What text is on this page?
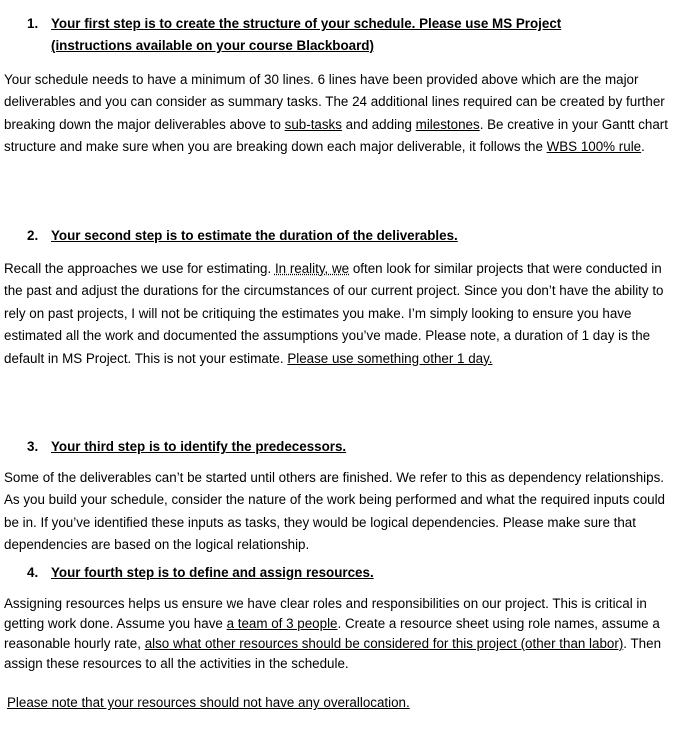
1. Your first step is to create the structure of your schedule. Please use MS Project
(instructions available on your course Blackboard)
Your schedule needs to have a minimum of 30 lines. 6 lines have been provided above which are the major deliverables and you can consider as summary tasks. The 24 additional lines required can be created by further breaking down the major deliverables above to sub-tasks and adding milestones. Be creative in your Gantt chart structure and make sure when you are breaking down each major deliverable, it follows the WBS 100% rule.
2. Your second step is to estimate the duration of the deliverables.
Recall the approaches we use for estimating. In reality, we often look for similar projects that were conducted in the past and adjust the durations for the circumstances of our current project. Since you don’t have the ability to rely on past projects, I will not be critiquing the estimates you make. I’m simply looking to ensure you have estimated all the work and documented the assumptions you’ve made. Please note, a duration of 1 day is the default in MS Project. This is not your estimate. Please use something other 1 day.
3. Your third step is to identify the predecessors.
Some of the deliverables can’t be started until others are finished. We refer to this as dependency relationships. As you build your schedule, consider the nature of the work being performed and what the required inputs could be in. If you’ve identified these inputs as tasks, they would be logical dependencies. Please make sure that dependencies are based on the logical relationship.
4. Your fourth step is to define and assign resources.
Assigning resources helps us ensure we have clear roles and responsibilities on our project. This is critical in getting work done. Assume you have a team of 3 people. Create a resource sheet using role names, assume a reasonable hourly rate, also what other resources should be considered for this project (other than labor). Then assign these resources to all the activities in the schedule.
Please note that your resources should not have any overallocation.
